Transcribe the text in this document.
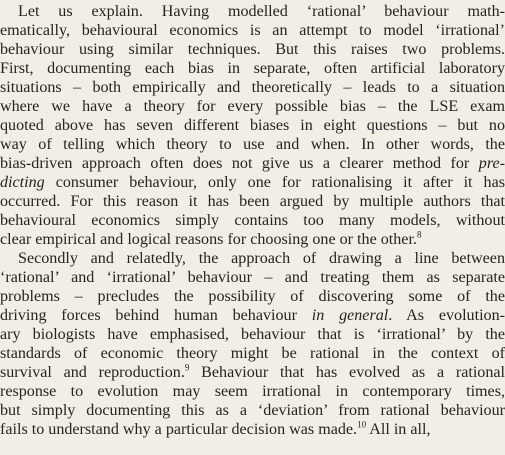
Let us explain. Having modelled ‘rational’ behaviour math-
ematically, behavioural economics is an attempt to model ‘irrational’
behaviour using similar techniques. But this raises two problems.
First, documenting each bias in separate, often artificial laboratory
situations – both empirically and theoretically – leads to a situation
where we have a theory for every possible bias – the LSE exam
quoted above has seven different biases in eight questions – but no
way of telling which theory to use and when. In other words, the
bias-driven approach often does not give us a clearer method for pre-
dicting consumer behaviour, only one for rationalising it after it has
occurred. For this reason it has been argued by multiple authors that
behavioural economics simply contains too many models, without
clear empirical and logical reasons for choosing one or the other.$^8$

Secondly and relatedly, the approach of drawing a line between
‘rational’ and ‘irrational’ behaviour – and treating them as separate
problems – precludes the possibility of discovering some of the
driving forces behind human behaviour in general. As evolution-
ary biologists have emphasised, behaviour that is ‘irrational’ by the
standards of economic theory might be rational in the context of
survival and reproduction.$^9$ Behaviour that has evolved as a rational
response to evolution may seem irrational in contemporary times,
but simply documenting this as a ‘deviation’ from rational behaviour
fails to understand why a particular decision was made.$^{10}$ All in all,
